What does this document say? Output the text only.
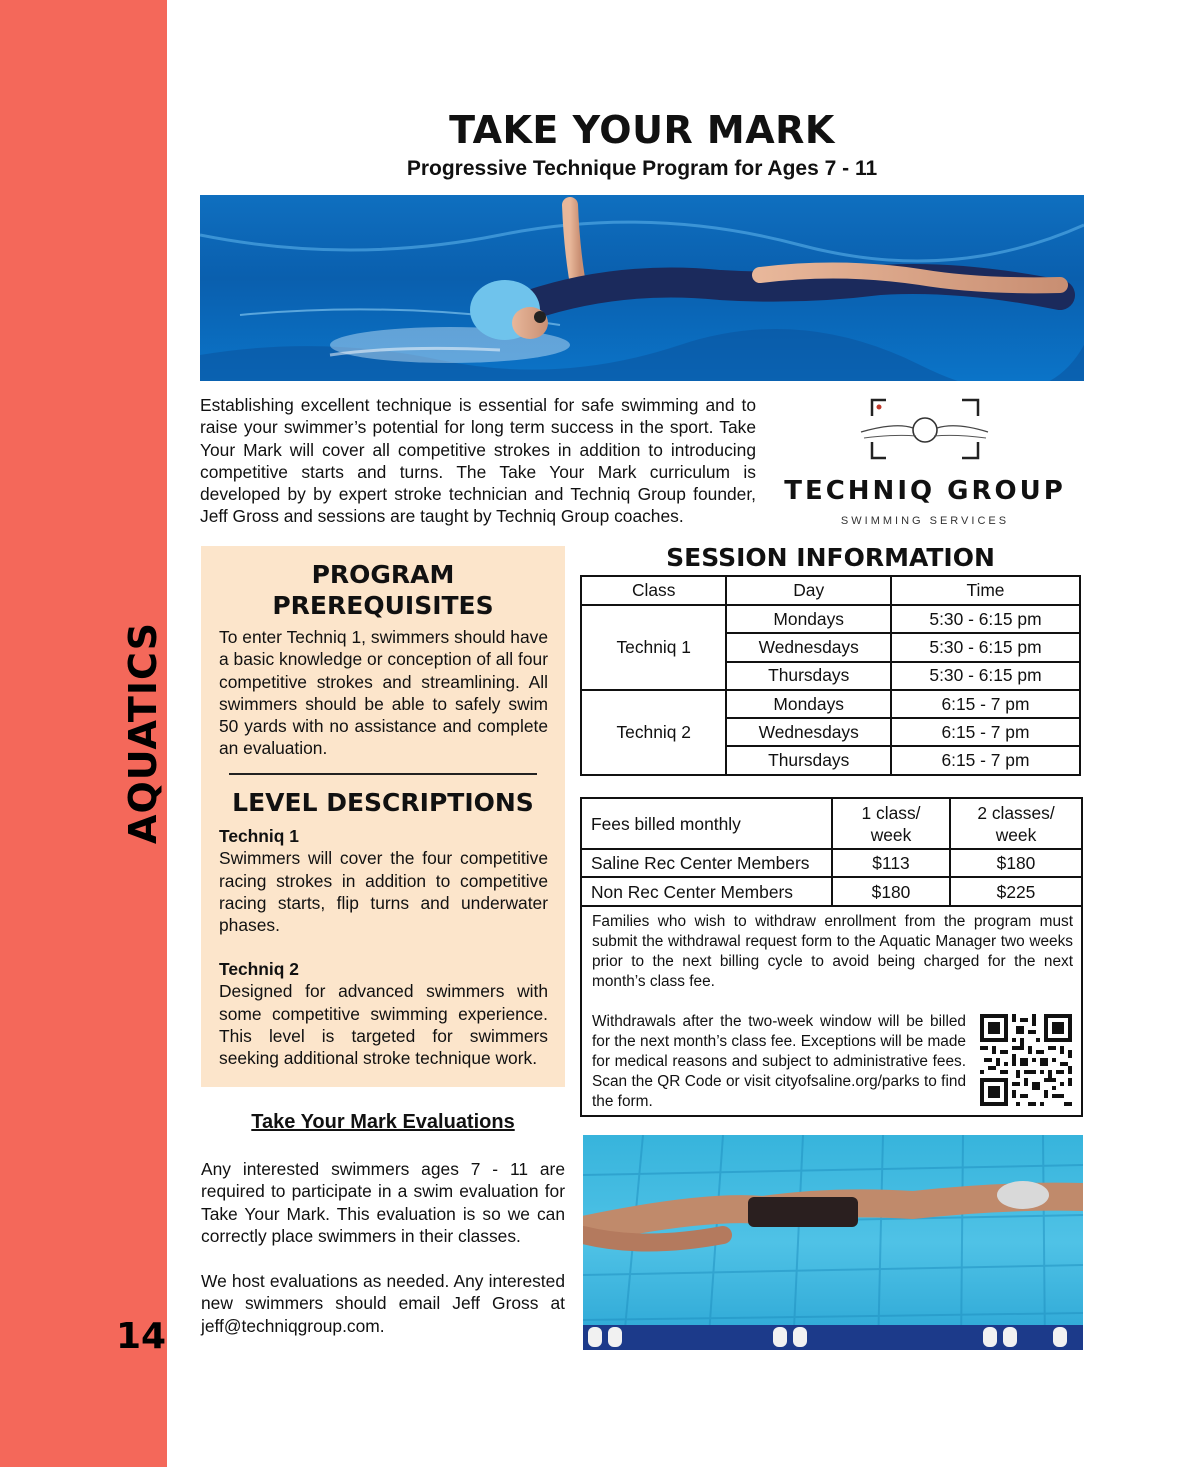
AQUATICS
14
TAKE YOUR MARK
Progressive Technique Program for Ages 7 - 11
Establishing excellent technique is essential for safe swimming and to raise your swimmer’s potential for long term success in the sport. Take Your Mark will cover all competitive strokes in addition to introducing competitive starts and turns. The Take Your Mark curriculum is developed by by expert stroke technician and Techniq Group founder, Jeff Gross and sessions are taught by Techniq Group coaches.
TECHNIQ GROUP
SWIMMING SERVICES
PROGRAM
PREREQUISITES
To enter Techniq 1, swimmers should have a basic knowledge or conception of all four competitive strokes and streamlining. All swimmers should be able to safely swim 50 yards with no assistance and complete an evaluation.
LEVEL DESCRIPTIONS
Techniq 1
Swimmers will cover the four competitive racing strokes in addition to competitive racing starts, flip turns and underwater phases.
Techniq 2
Designed for advanced swimmers with some competitive swimming experience. This level is targeted for swimmers seeking additional stroke technique work.
Take Your Mark Evaluations
Any interested swimmers ages 7 - 11 are required to participate in a swim evaluation for Take Your Mark. This evaluation is so we can correctly place swimmers in their classes.
We host evaluations as needed. Any interested new swimmers should email Jeff Gross at jeff@techniqgroup.com.
SESSION INFORMATION
Class	Day	Time
Techniq 1	Mondays	5:30 - 6:15 pm
	Wednesdays	5:30 - 6:15 pm
	Thursdays	5:30 - 6:15 pm
Techniq 2	Mondays	6:15 - 7 pm
	Wednesdays	6:15 - 7 pm
	Thursdays	6:15 - 7 pm
Fees billed monthly	1 class/ week	2 classes/ week
Saline Rec Center Members	$113	$180
Non Rec Center Members	$180	$225
Families who wish to withdraw enrollment from the program must submit the withdrawal request form to the Aquatic Manager two weeks prior to the next billing cycle to avoid being charged for the next month’s class fee.
Withdrawals after the two-week window will be billed for the next month’s class fee. Exceptions will be made for medical reasons and subject to administrative fees. Scan the QR Code or visit cityofsaline.org/parks to find the form.
